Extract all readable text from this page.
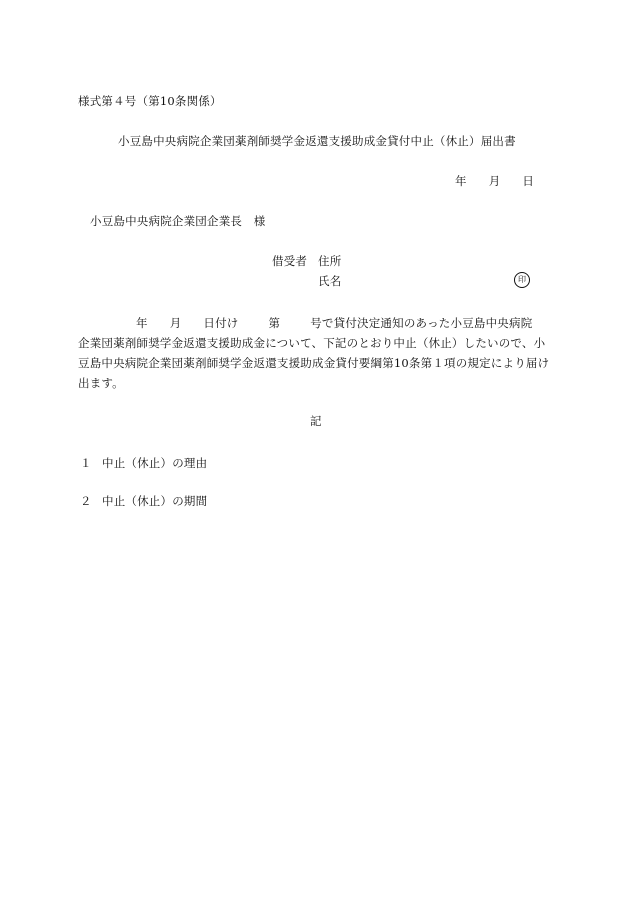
様式第４号（第10条関係）
小豆島中央病院企業団薬剤師奨学金返還支援助成金貸付中止（休止）届出書
年 月 日
小豆島中央病院企業団企業長　様
借受者 住所
氏名	印
年 月 日付け	第	号で貸付決定通知のあった小豆島中央病院
企業団薬剤師奨学金返還支援助成金について、下記のとおり中止（休止）したいので、小
豆島中央病院企業団薬剤師奨学金返還支援助成金貸付要綱第10条第１項の規定により届け
出ます。
記
１ 中止（休止）の理由
２ 中止（休止）の期間
